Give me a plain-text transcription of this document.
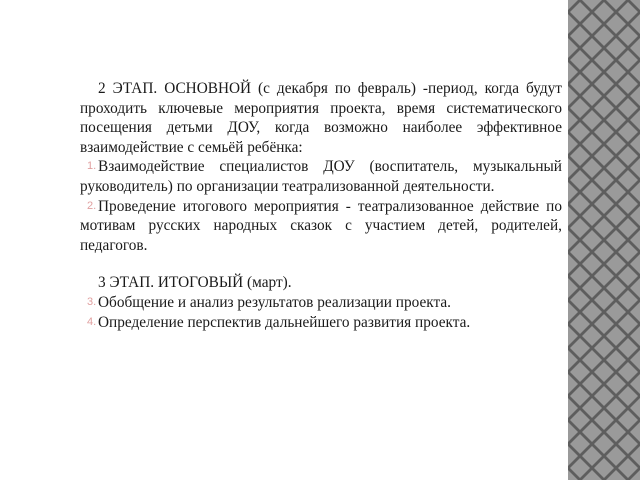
2 ЭТАП. ОСНОВНОЙ (с декабря по февраль) -период, когда будут проходить ключевые мероприятия проекта, время систематического посещения детьми ДОУ, когда возможно наиболее эффективное взаимодействие с семьёй ребёнка:

1. Взаимодействие специалистов ДОУ (воспитатель, музыкальный руководитель) по организации театрализованной деятельности.

2. Проведение итогового мероприятия - театрализованное действие по мотивам русских народных сказок с участием детей, родителей, педагогов.

3 ЭТАП. ИТОГОВЫЙ (март).

3. Обобщение и анализ результатов реализации проекта.

4. Определение перспектив дальнейшего развития проекта.
